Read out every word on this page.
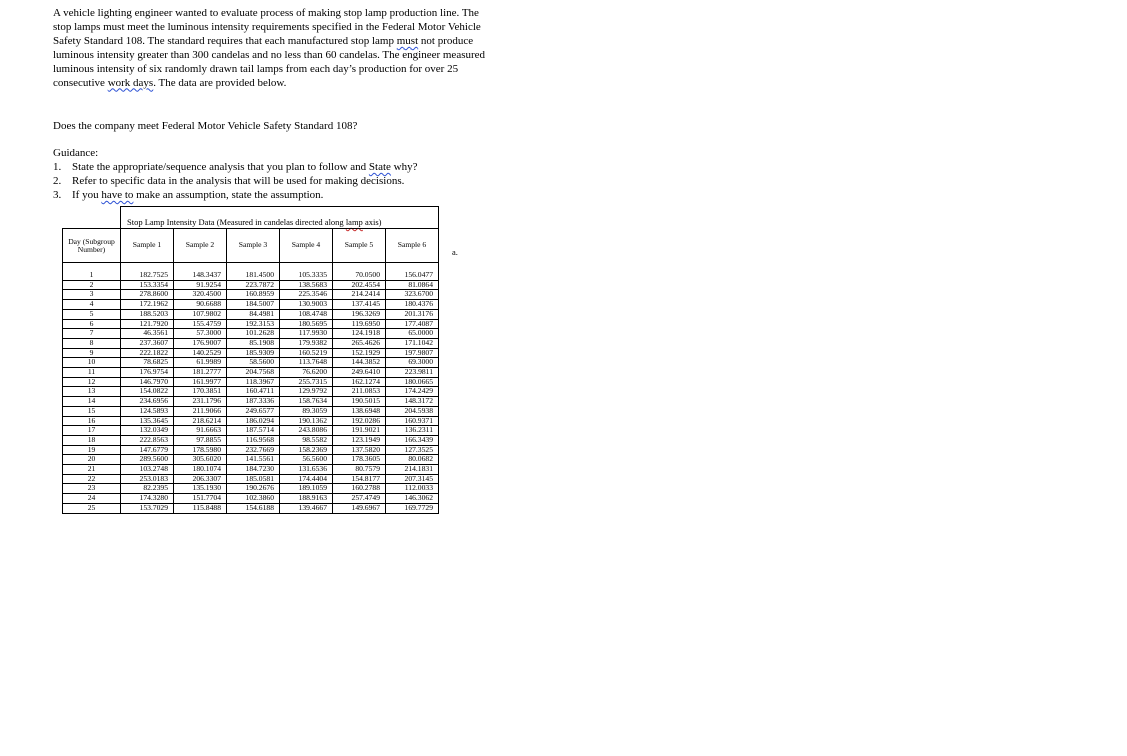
A vehicle lighting engineer wanted to evaluate process of making stop lamp production line. The stop lamps must meet the luminous intensity requirements specified in the Federal Motor Vehicle Safety Standard 108. The standard requires that each manufactured stop lamp must not produce luminous intensity greater than 300 candelas and no less than 60 candelas. The engineer measured luminous intensity of six randomly drawn tail lamps from each day’s production for over 25 consecutive work days. The data are provided below.

Does the company meet Federal Motor Vehicle Safety Standard 108?

Guidance:

1. State the appropriate/sequence analysis that you plan to follow and State why?
2. Refer to specific data in the analysis that will be used for making decisions.
3. If you have to make an assumption, state the assumption.
Stop Lamp Intensity Data (Measured in candelas directed along lamp axis)
Day (Subgroup Number)	Sample 1	Sample 2	Sample 3	Sample 4	Sample 5	Sample 6
1	182.7525	148.3437	181.4500	105.3335	70.0500	156.0477
2	153.3354	91.9254	223.7872	138.5683	202.4554	81.0864
3	278.8600	320.4500	160.8959	225.3546	214.2414	323.6700
4	172.1962	90.6688	184.5007	130.9003	137.4145	180.4376
5	188.5203	107.9802	84.4981	108.4748	196.3269	201.3176
6	121.7920	155.4759	192.3153	180.5695	119.6950	177.4087
7	46.3561	57.3000	101.2628	117.9930	124.1918	65.0000
8	237.3607	176.9007	85.1908	179.9382	265.4626	171.1042
9	222.1822	140.2529	185.9309	160.5219	152.1929	197.9807
10	78.6825	61.9989	58.5600	113.7648	144.3852	69.3000
11	176.9754	181.2777	204.7568	76.6200	249.6410	223.9811
12	146.7970	161.9977	118.3967	255.7315	162.1274	180.0665
13	154.0822	170.3851	160.4711	129.9792	211.0853	174.2429
14	234.6956	231.1796	187.3336	158.7634	190.5015	148.3172
15	124.5893	211.9066	249.6577	89.3059	138.6948	204.5938
16	135.3645	218.6214	186.0294	190.1362	192.0286	160.9371
17	132.0349	91.6663	187.5714	243.8086	191.9021	136.2311
18	222.8563	97.8855	116.9568	98.5582	123.1949	166.3439
19	147.6779	178.5980	232.7669	158.2369	137.5820	127.3525
20	289.5600	305.6020	141.5561	56.5600	178.3605	80.0682
21	103.2748	180.1074	184.7230	131.6536	80.7579	214.1831
22	253.0183	206.3307	185.0581	174.4404	154.8177	207.3145
23	82.2395	135.1930	190.2676	189.1059	160.2788	112.0033
24	174.3280	151.7704	102.3860	188.9163	257.4749	146.3062
25	153.7029	115.8488	154.6188	139.4667	149.6967	169.7729
a.
